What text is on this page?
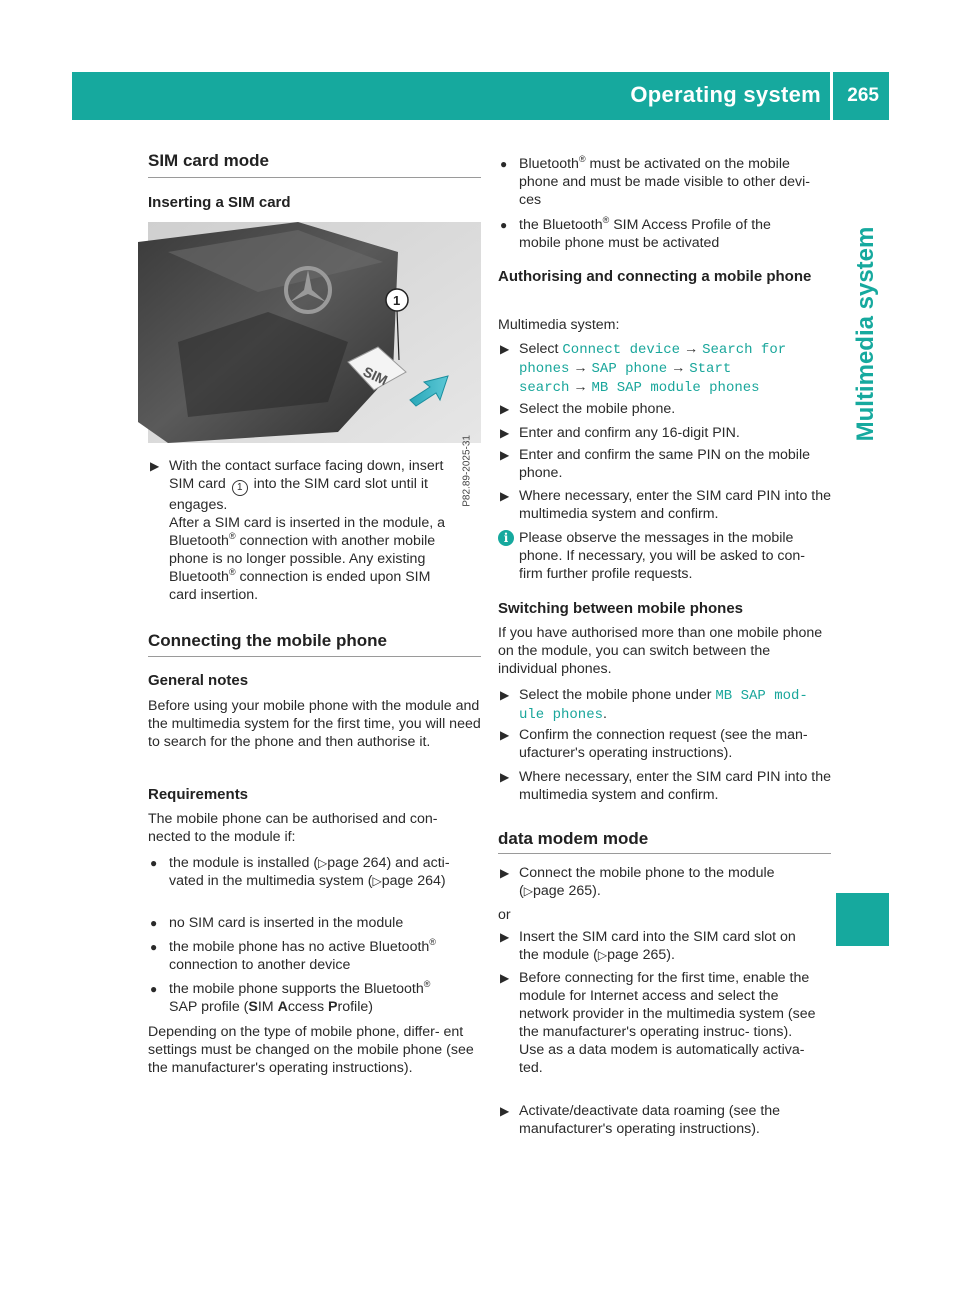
Operating system 265
Multimedia system
SIM card mode
Inserting a SIM card
SIM
1
P82.89-2025-31
▶ With the contact surface facing down, insert
SIM card 1 into the SIM card slot until it
engages.
After a SIM card is inserted in the module, a
Bluetooth® connection with another mobile
phone is no longer possible. Any existing
Bluetooth® connection is ended upon SIM
card insertion.
Connecting the mobile phone
General notes
Before using your mobile phone with the module and the multimedia system for the first time, you will need to search for the phone and then authorise it.
Requirements
The mobile phone can be authorised and con- nected to the module if:
● the module is installed (▷page 264) and acti- vated in the multimedia system (▷page 264)
● no SIM card is inserted in the module
● the mobile phone has no active Bluetooth®
connection to another device
● the mobile phone supports the Bluetooth®
SAP profile (SIM Access Profile)
Depending on the type of mobile phone, differ- ent settings must be changed on the mobile phone (see the manufacturer's operating instructions).
● Bluetooth® must be activated on the mobile
phone and must be made visible to other devi- ces
● the Bluetooth® SIM Access Profile of the
mobile phone must be activated
Authorising and connecting a mobile phone
Multimedia system:
▶ Select Connect device → Search for
phones → SAP phone → Start
search → MB SAP module phones
▶ Select the mobile phone.
▶ Enter and confirm any 16-digit PIN.
▶ Enter and confirm the same PIN on the mobile phone.
▶ Where necessary, enter the SIM card PIN into the multimedia system and confirm.
i Please observe the messages in the mobile phone. If necessary, you will be asked to con- firm further profile requests.
Switching between mobile phones
If you have authorised more than one mobile phone on the module, you can switch between the individual phones.
▶ Select the mobile phone under MB SAP mod‐
ule phones.
▶ Confirm the connection request (see the man- ufacturer's operating instructions).
▶ Where necessary, enter the SIM card PIN into the multimedia system and confirm.
data modem mode
▶ Connect the mobile phone to the module
(▷page 265).
or
▶ Insert the SIM card into the SIM card slot on
the module (▷page 265).
▶ Before connecting for the first time, enable the module for Internet access and select the network provider in the multimedia system (see the manufacturer's operating instruc- tions).
Use as a data modem is automatically activa- ted.
▶ Activate/deactivate data roaming (see the manufacturer's operating instructions).
